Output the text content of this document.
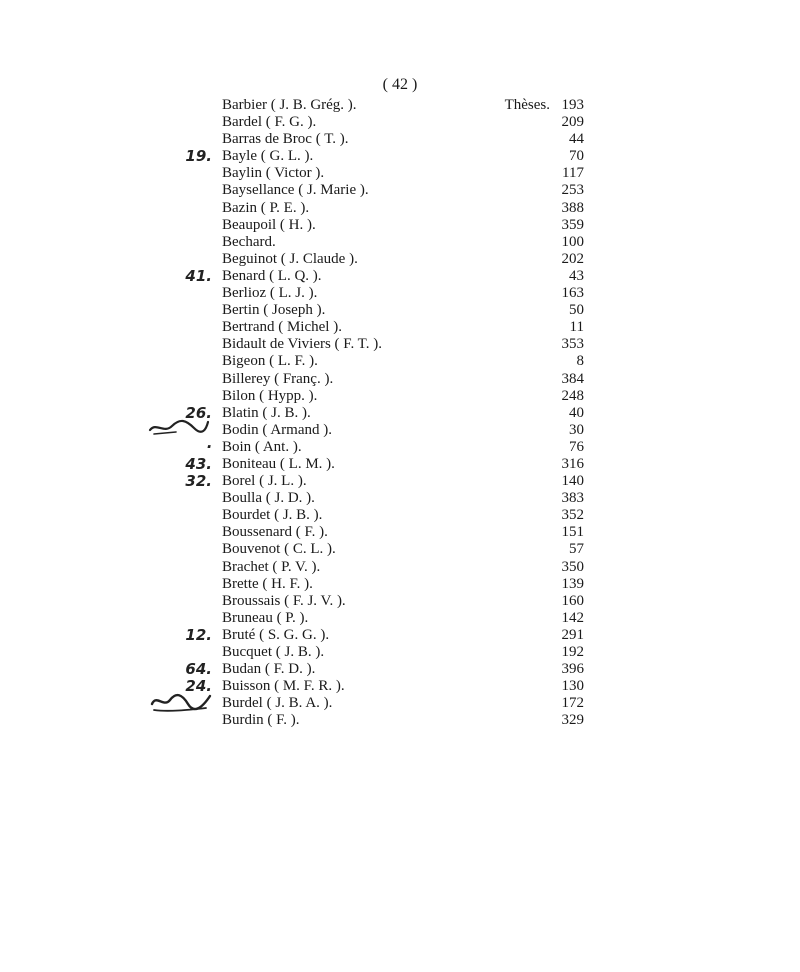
( 42 )
Thèses.
Barbier ( J. B. Grég. ).	193
Bardel ( F. G. ).	209
Barras de Broc ( T. ).	44
Bayle ( G. L. ).	70
Baylin ( Victor ).	117
Baysellance ( J. Marie ).	253
Bazin ( P. E. ).	388
Beaupoil ( H. ).	359
Bechard.	100
Beguinot ( J. Claude ).	202
Benard ( L. Q. ).	43
Berlioz ( L. J. ).	163
Bertin ( Joseph ).	50
Bertrand ( Michel ).	11
Bidault de Viviers ( F. T. ).	353
Bigeon ( L. F. ).	8
Billerey ( Franç. ).	384
Bilon ( Hypp. ).	248
Blatin ( J. B. ).	40
Bodin ( Armand ).	30
Boin ( Ant. ).	76
Boniteau ( L. M. ).	316
Borel ( J. L. ).	140
Boulla ( J. D. ).	383
Bourdet ( J. B. ).	352
Boussenard ( F. ).	151
Bouvenot ( C. L. ).	57
Brachet ( P. V. ).	350
Brette ( H. F. ).	139
Broussais ( F. J. V. ).	160
Bruneau ( P. ).	142
Bruté ( S. G. G. ).	291
Bucquet ( J. B. ).	192
Budan ( F. D. ).	396
Buisson ( M. F. R. ).	130
Burdel ( J. B. A. ).	172
Burdin ( F. ).	329
19.
41.
26.
·
43.
32.
12.
64.
24.
